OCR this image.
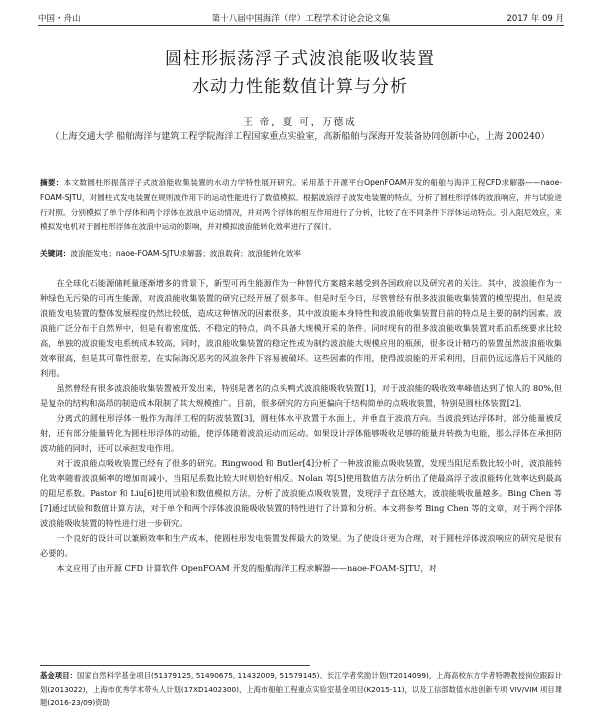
中国・舟山	第十八届中国海洋（岸）工程学术讨论会论文集	2017 年 09 月
圆柱形振荡浮子式波浪能吸收装置
水动力性能数值计算与分析
王 帝，夏 可，万德成
（上海交通大学 船舶海洋与建筑工程学院海洋工程国家重点实验室，高新船舶与深海开发装备协同创新中心，上海 200240）
摘要：本文数圆柱形振荡浮子式波浪能收集装置的水动力学特性展开研究。采用基于开源平台OpenFOAM开发的船舶与海洋工程CFD求解器——naoe-FOAM-SJTU，对圆柱式发电装置在规则波作用下的运动性能进行了数值模拟。根据波浪浮子波发电装置的特点，分析了圆柱形浮体的波浪响应，并与试验进行对照。分别模拟了单个浮体和两个浮体在波浪中运动情况，并对两个浮体的相互作用进行了分析，比较了在不同条件下浮体运动特点。引入阻尼效应，来模拟发电机对于圆柱形浮体在波浪中运动的影响，并对模拟波浪能转化效率进行了探讨。
关键词：波浪能发电；naoe-FOAM-SJTU求解器；波浪载荷；波浪能转化效率

在全球化石能源储耗量逐渐增多的背景下，新型可再生能源作为一种替代方案越来越受到各国政府以及研究者的关注。其中，波浪能作为一种绿色无污染的可再生能源，对波浪能收集装置的研究已经开展了很多年。但是时至今日，尽管曾经有很多波浪能收集装置的模型提出，但是波浪能发电装置的整体发展程度仍然比较低，造成这种情况的因素很多，其中波浪能本身特性和波浪能收集装置目前的特点是主要的制约因素。波浪能广泛分布于自然界中，但是有着密度低、不稳定的特点，尚不具备大规模开采的条件。同时现有的很多波浪能收集装置对系泊系统要求比较高，单独的波浪能发电系统成本较高，同时，波浪能收集装置的稳定性或为制约波浪能大规模应用的瓶颈，很多设计精巧的装置虽然波浪能收集效率很高，但是其可靠性很差，在实际海况恶劣的风浪条件下容易被破坏。这些因素的作用，使得波浪能的开采利用，目前仍远远落后于风能的利用。

虽然曾经有很多波浪能收集装置被开发出来，特别是著名的点头鸭式波浪能吸收装置[1]，对于波浪能的吸收效率峰值达到了惊人的 80%,但是复杂的结构和高昂的制造成本限制了其大规模推广。目前，很多研究的方向更偏向于结构简单的点吸收装置，特别是圆柱体装置[2]。

分离式的圆柱形浮体一般作为海洋工程的防波装置[3]，圆柱体水平放置于水面上，并垂直于波浪方向。当波浪到达浮体时，部分能量被反射，还有部分能量转化为圆柱形浮体的动能，使浮体随着波浪运动而运动。如果设计浮体能够吸收足够的能量并转换为电能，那么浮体在承担防波功能的同时，还可以承担发电作用。

对于波浪能点吸收装置已经有了很多的研究。Ringwood 和 Butler[4]分析了一种波浪能点吸收装置，发现当阻尼系数比较小时，波浪能转化效率随着波浪频率的增加而减小，当阻尼系数比较大时则恰好相反。Nolan 等[5]使用数值方法分析出了使最高浮子波浪能转化效率达到最高的阻尼系数。Pastor 和 Liu[6]使用试验和数值模拟方法，分析了波浪能点吸收装置，发现浮子直径越大，波浪能吸收量越多。Bing Chen 等[7]通过试验和数值计算方法，对于单个和两个浮体波浪能吸收装置的特性进行了计算和分析。本文将参考 Bing Chen 等的文章，对于两个浮体波浪能吸收装置的特性进行进一步研究。

一个良好的设计可以兼顾效率和生产成本，使圆柱形发电装置发挥最大的效果。为了使设计更为合理，对于圆柱浮体波浪响应的研究是很有必要的。

本文应用了由开源 CFD 计算软件 OpenFOAM 开发的船舶海洋工程求解器——naoe-FOAM-SJTU，对

基金项目：国家自然科学基金项目(51379125, 51490675, 11432009, 51579145)、长江学者奖励计划(T2014099)，上海高校东方学者特聘教授岗位跟踪计划(2013022)，上海市优秀学术带头人计划(17XD1402300)，上海市船舶工程重点实验室基金项目(K2015-11)，以及工信部数值水池创新专项 VIV/VIM 项目课题(2016-23/09)资助
